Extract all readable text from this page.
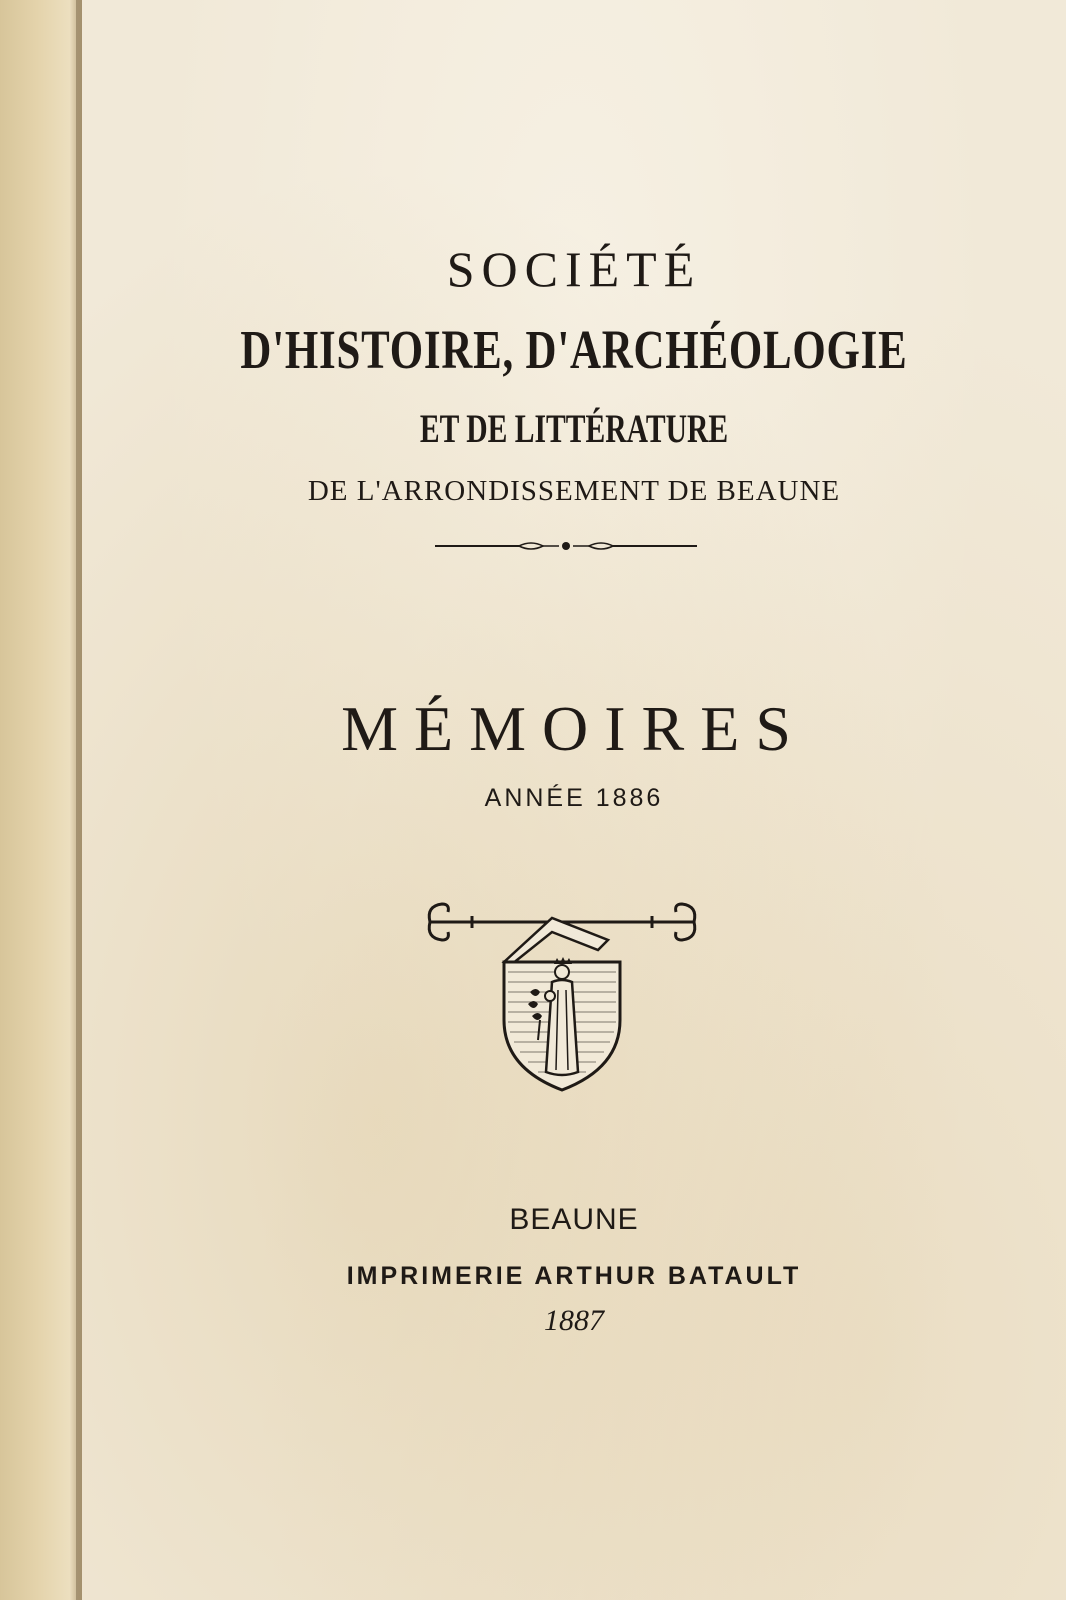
SOCIÉTÉ
D'HISTOIRE, D'ARCHÉOLOGIE
ET DE LITTÉRATURE
DE L'ARRONDISSEMENT DE BEAUNE
MÉMOIRES
ANNÉE 1886
BEAUNE
IMPRIMERIE ARTHUR BATAULT
1887
